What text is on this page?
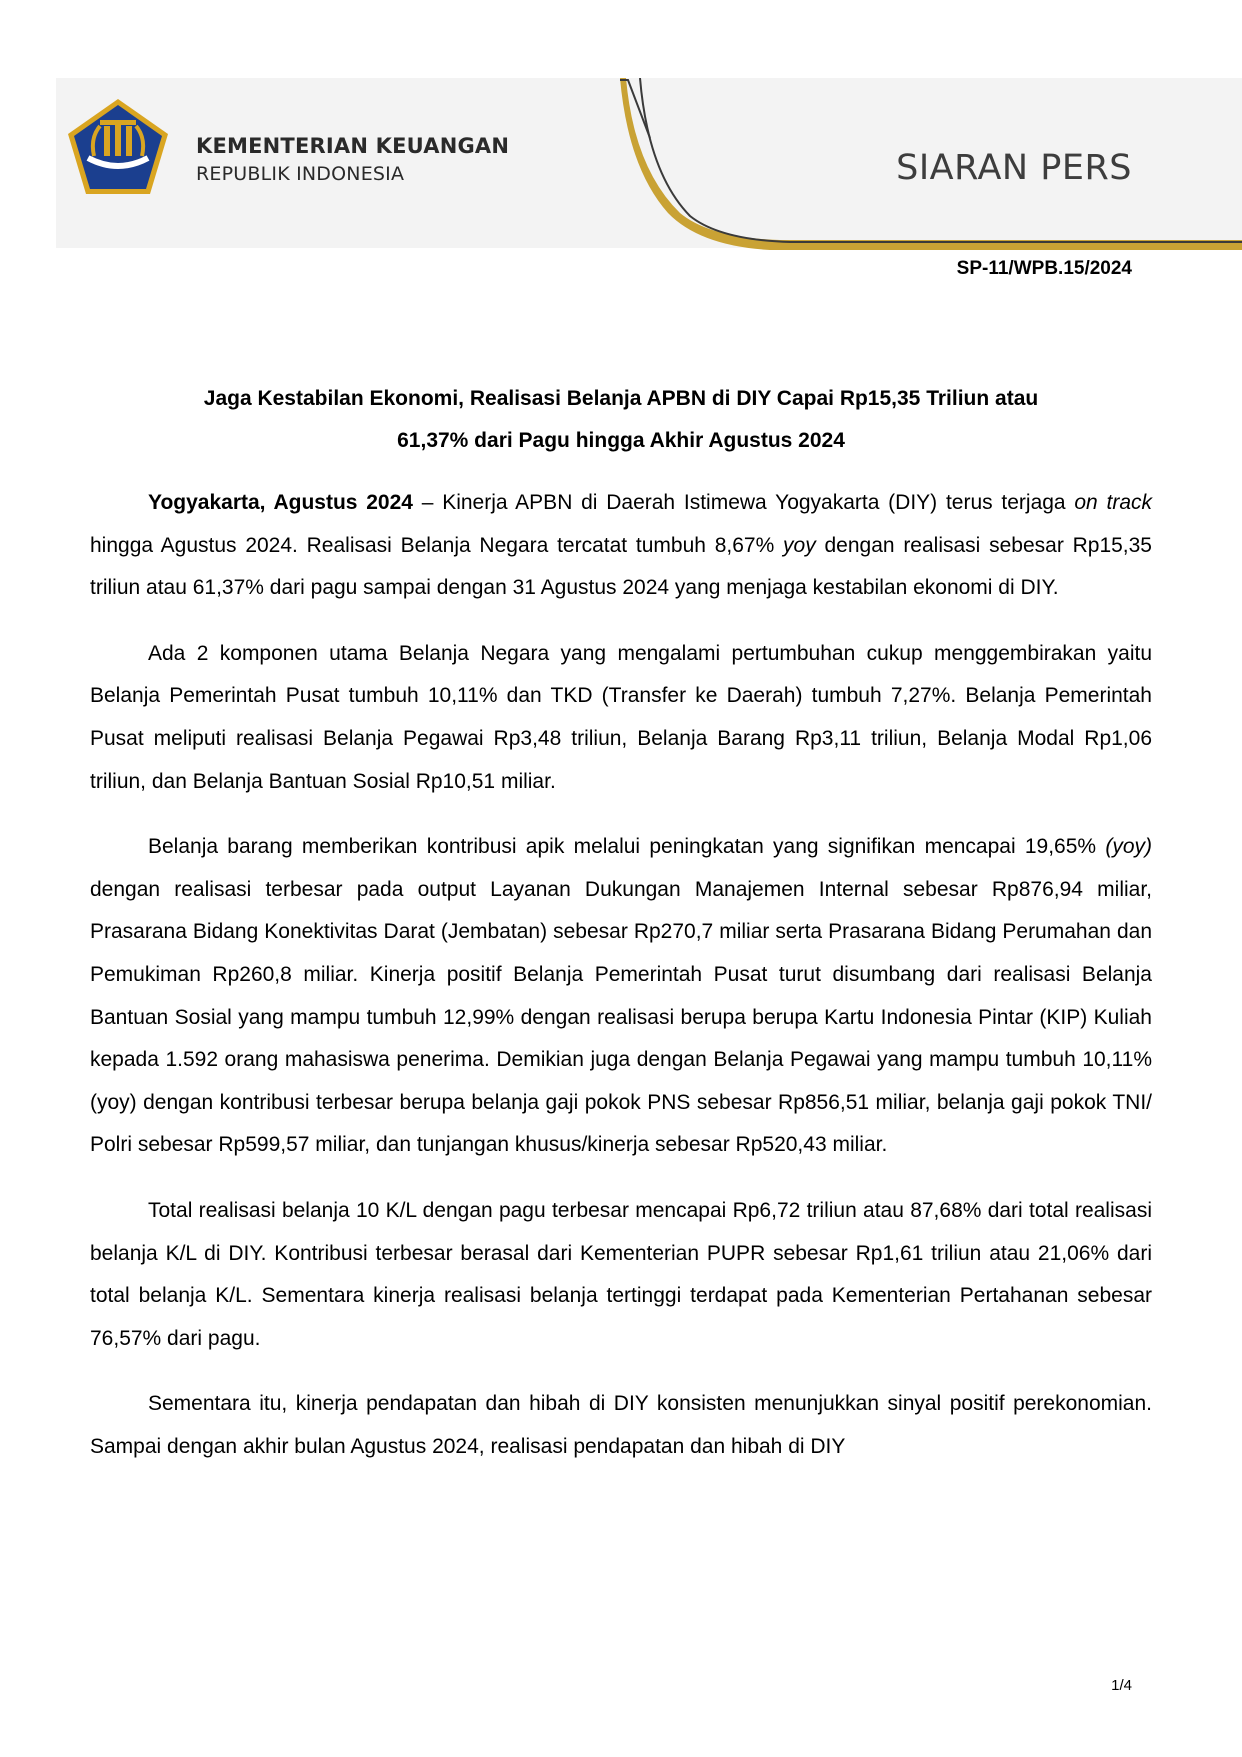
KEMENTERIAN KEUANGAN
REPUBLIK INDONESIA	SIARAN PERS
SP-11/WPB.15/2024
Jaga Kestabilan Ekonomi, Realisasi Belanja APBN di DIY Capai Rp15,35 Triliun atau
61,37% dari Pagu hingga Akhir Agustus 2024

Yogyakarta, Agustus 2024 – Kinerja APBN di Daerah Istimewa Yogyakarta (DIY) terus terjaga on track hingga Agustus 2024. Realisasi Belanja Negara tercatat tumbuh 8,67% yoy dengan realisasi sebesar Rp15,35 triliun atau 61,37% dari pagu sampai dengan 31 Agustus 2024 yang menjaga kestabilan ekonomi di DIY.

Ada 2 komponen utama Belanja Negara yang mengalami pertumbuhan cukup menggembirakan yaitu Belanja Pemerintah Pusat tumbuh 10,11% dan TKD (Transfer ke Daerah) tumbuh 7,27%. Belanja Pemerintah Pusat meliputi realisasi Belanja Pegawai Rp3,48 triliun, Belanja Barang Rp3,11 triliun, Belanja Modal Rp1,06 triliun, dan Belanja Bantuan Sosial Rp10,51 miliar.

Belanja barang memberikan kontribusi apik melalui peningkatan yang signifikan mencapai 19,65% (yoy) dengan realisasi terbesar pada output Layanan Dukungan Manajemen Internal sebesar Rp876,94 miliar, Prasarana Bidang Konektivitas Darat (Jembatan) sebesar Rp270,7 miliar serta Prasarana Bidang Perumahan dan Pemukiman Rp260,8 miliar. Kinerja positif Belanja Pemerintah Pusat turut disumbang dari realisasi Belanja Bantuan Sosial yang mampu tumbuh 12,99% dengan realisasi berupa berupa Kartu Indonesia Pintar (KIP) Kuliah kepada 1.592 orang mahasiswa penerima. Demikian juga dengan Belanja Pegawai yang mampu tumbuh 10,11% (yoy) dengan kontribusi terbesar berupa belanja gaji pokok PNS sebesar Rp856,51 miliar, belanja gaji pokok TNI/ Polri sebesar Rp599,57 miliar, dan tunjangan khusus/kinerja sebesar Rp520,43 miliar.

Total realisasi belanja 10 K/L dengan pagu terbesar mencapai Rp6,72 triliun atau 87,68% dari total realisasi belanja K/L di DIY. Kontribusi terbesar berasal dari Kementerian PUPR sebesar Rp1,61 triliun atau 21,06% dari total belanja K/L. Sementara kinerja realisasi belanja tertinggi terdapat pada Kementerian Pertahanan sebesar 76,57% dari pagu.

Sementara itu, kinerja pendapatan dan hibah di DIY konsisten menunjukkan sinyal positif perekonomian. Sampai dengan akhir bulan Agustus 2024, realisasi pendapatan dan hibah di DIY

1/4
